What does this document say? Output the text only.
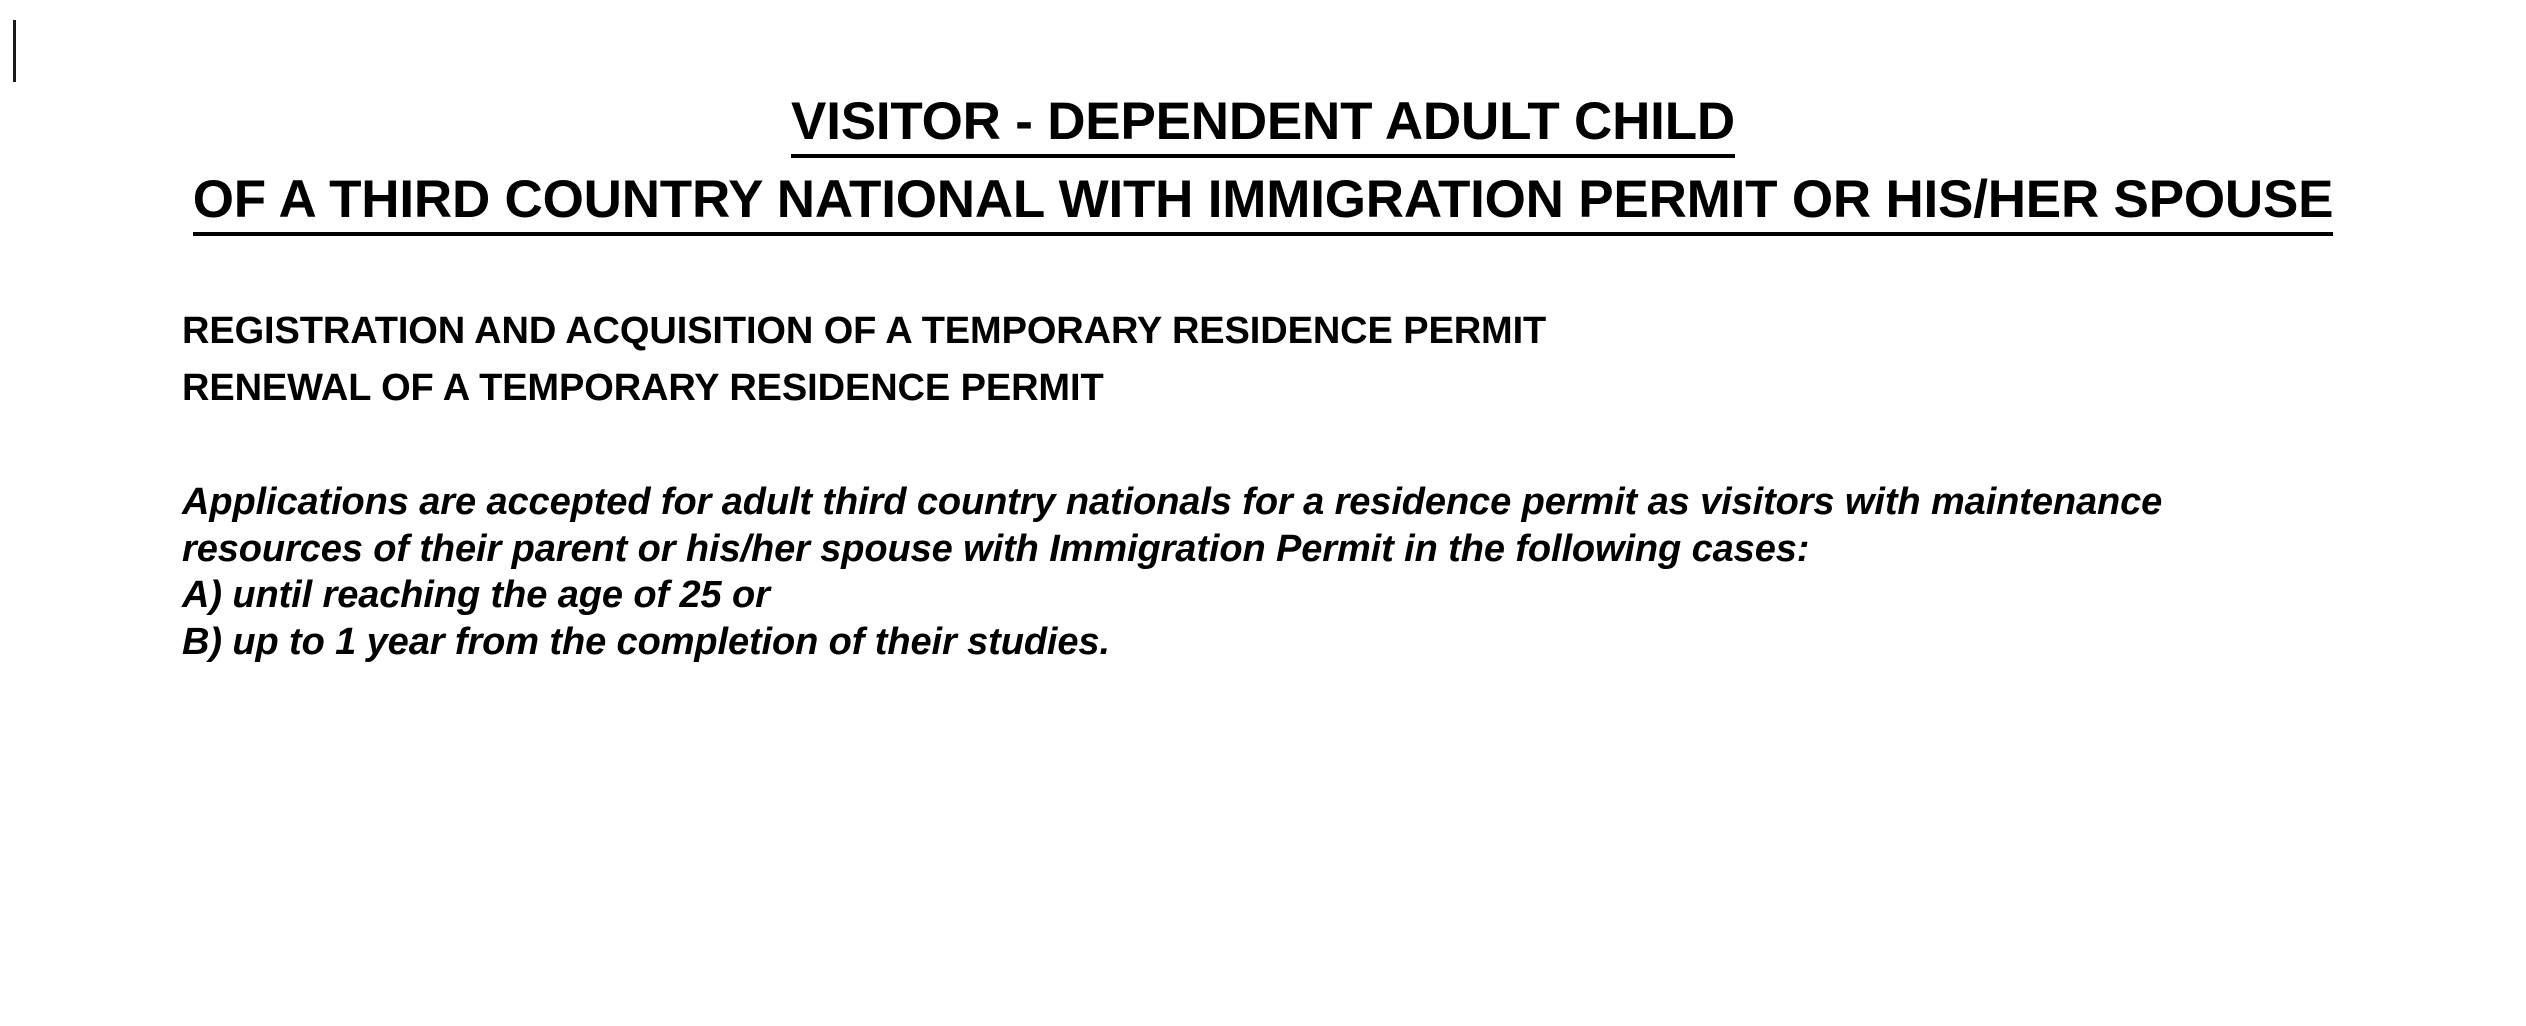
VISITOR - DEPENDENT ADULT CHILD OF A THIRD COUNTRY NATIONAL WITH IMMIGRATION PERMIT OR HIS/HER SPOUSE

REGISTRATION AND ACQUISITION OF A TEMPORARY RESIDENCE PERMIT

RENEWAL OF A TEMPORARY RESIDENCE PERMIT

Applications are accepted for adult third country nationals for a residence permit as visitors with maintenance resources of their parent or his/her spouse with Immigration Permit in the following cases:

A) until reaching the age of 25 or

B) up to 1 year from the completion of their studies.
